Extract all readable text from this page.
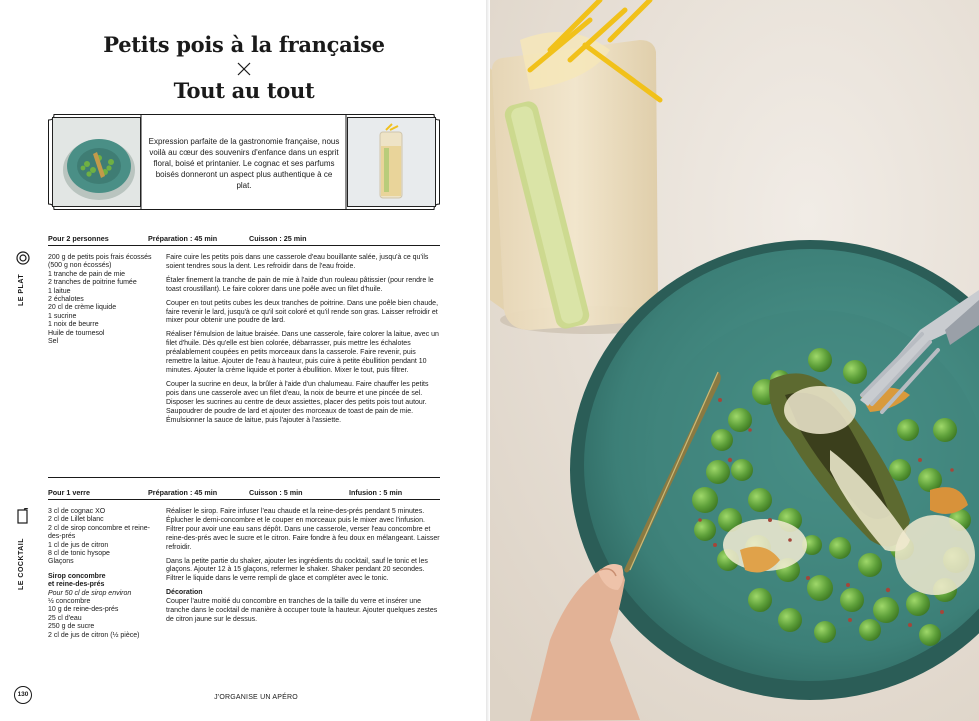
Petits pois à la française
Tout au tout
Expression parfaite de la gastronomie française, nous voilà au cœur des souvenirs d'enfance dans un esprit floral, boisé et printanier. Le cognac et ses parfums boisés donneront un aspect plus authentique à ce plat.
Pour 2 personnes	Préparation : 45 min	Cuisson : 25 min
LE PLAT
200 g de petits pois frais écossés
(500 g non écossés)
1 tranche de pain de mie
2 tranches de poitrine fumée
1 laitue
2 échalotes
20 cl de crème liquide
1 sucrine
1 noix de beurre
Huile de tournesol
Sel

Faire cuire les petits pois dans une casserole d'eau bouillante salée, jusqu'à ce qu'ils soient tendres sous la dent. Les refroidir dans de l'eau froide.

Étaler finement la tranche de pain de mie à l'aide d'un rouleau pâtissier (pour rendre le toast croustillant). Le faire colorer dans une poêle avec un filet d'huile.

Couper en tout petits cubes les deux tranches de poitrine. Dans une poêle bien chaude, faire revenir le lard, jusqu'à ce qu'il soit coloré et qu'il rende son gras. Laisser refroidir et mixer pour obtenir une poudre de lard.

Réaliser l'émulsion de laitue braisée. Dans une casserole, faire colorer la laitue, avec un filet d'huile. Dès qu'elle est bien colorée, débarrasser, puis mettre les échalotes préalablement coupées en petits morceaux dans la casserole. Faire revenir, puis remettre la laitue. Ajouter de l'eau à hauteur, puis cuire à petite ébullition pendant 10 minutes. Ajouter la crème liquide et porter à ébullition. Mixer le tout, puis filtrer.

Couper la sucrine en deux, la brûler à l'aide d'un chalumeau. Faire chauffer les petits pois dans une casserole avec un filet d'eau, la noix de beurre et une pincée de sel. Disposer les sucrines au centre de deux assiettes, placer des petits pois tout autour. Saupoudrer de poudre de lard et ajouter des morceaux de toast de pain de mie. Émulsionner la sauce de laitue, puis l'ajouter à l'assiette.

Pour 1 verre	Préparation : 45 min	Cuisson : 5 min	Infusion : 5 min
LE COCKTAIL
3 cl de cognac XO
2 cl de Lillet blanc
2 cl de sirop concombre et reine-
des-prés
1 cl de jus de citron
8 cl de tonic hysope
Glaçons
Sirop concombre
et reine-des-prés
Pour 50 cl de sirop environ
½ concombre
10 g de reine-des-prés
25 cl d'eau
250 g de sucre
2 cl de jus de citron (½ pièce)

Réaliser le sirop. Faire infuser l'eau chaude et la reine-des-prés pendant 5 minutes. Éplucher le demi-concombre et le couper en morceaux puis le mixer avec l'infusion. Filtrer pour avoir une eau sans dépôt. Dans une casserole, verser l'eau concombre et reine-des-prés avec le sucre et le citron. Faire fondre à feu doux en mélangeant. Laisser refroidir.

Dans la petite partie du shaker, ajouter les ingrédients du cocktail, sauf le tonic et les glaçons. Ajouter 12 à 15 glaçons, refermer le shaker. Shaker pendant 20 secondes. Filtrer le liquide dans le verre rempli de glace et compléter avec le tonic.

Décoration

Couper l'autre moitié du concombre en tranches de la taille du verre et insérer une tranche dans le cocktail de manière à occuper toute la hauteur. Ajouter quelques zestes de citron jaune sur le dessus.

130	J'ORGANISE UN APÉRO
